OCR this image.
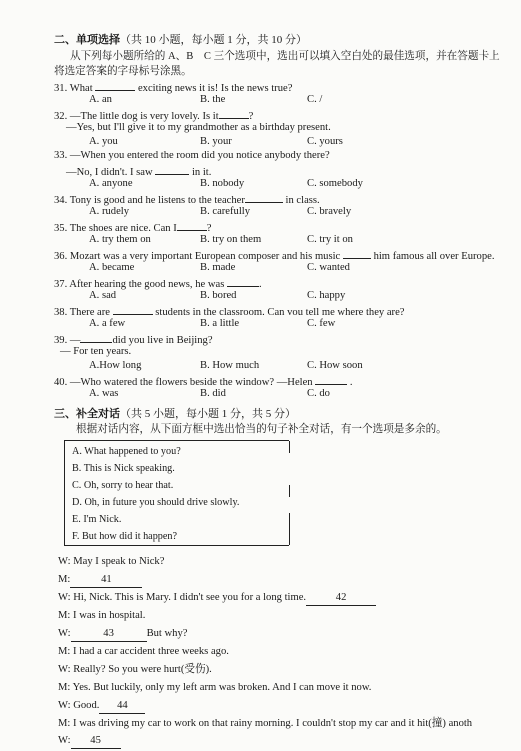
二、单项选择（共 10 小题，每小题 1 分，共 10 分）
从下列每小题所给的 A、B　C 三个选项中，选出可以填入空白处的最佳选项，并在答题卡上
将选定答案的字母标号涂黑。
31. What	exciting news it is! Is the news true?
A. an	B. the	C. /
32. —The little dog is very lovely. Is it	?
—Yes, but I'll give it to my grandmother as a birthday present.
A. you	B. your	C. yours
33. —When you entered the room did you notice anybody there?
—No, I didn't. I saw	in it.
A. anyone	B. nobody	C. somebody
34. Tony is good and he listens to the teacher	in class.
A. rudely	B. carefully	C. bravely
35. The shoes are nice. Can I	?
A. try them on	B. try on them	C. try it on
36. Mozart was a very important European composer and his music	him famous all over Europe.
A. became	B. made	C. wanted
37. After hearing the good news, he was	.
A. sad	B. bored	C. happy
38. There are	students in the classroom. Can vou tell me where they are?
A. a few	B. a little	C. few
39. —	did you live in Beijing?
— For ten years.
A.How long	B. How much	C. How soon
40. —Who watered the flowers beside the window? —Helen	.
A. was	B. did	C. do
三、补全对话（共 5 小题，每小题 1 分，共 5 分）
根据对话内容，从下面方框中选出恰当的句子补全对话，有一个选项是多余的。
A. What happened to you?
B. This is Nick speaking.
C. Oh, sorry to hear that.
D. Oh, in future you should drive slowly.
E. I'm Nick.
F. But how did it happen?
W: May I speak to Nick?
M:	41
W: Hi, Nick. This is Mary. I didn't see you for a long time.	42
M: I was in hospital.
W:	43	But why?
M: I had a car accident three weeks ago.
W: Really? So you were hurt(受伤).
M: Yes. But luckily, only my left arm was broken. And I can move it now.
W: Good. 44
M: I was driving my car to work on that rainy morning. I couldn't stop my car and it hit(撞) anoth
W: 45
